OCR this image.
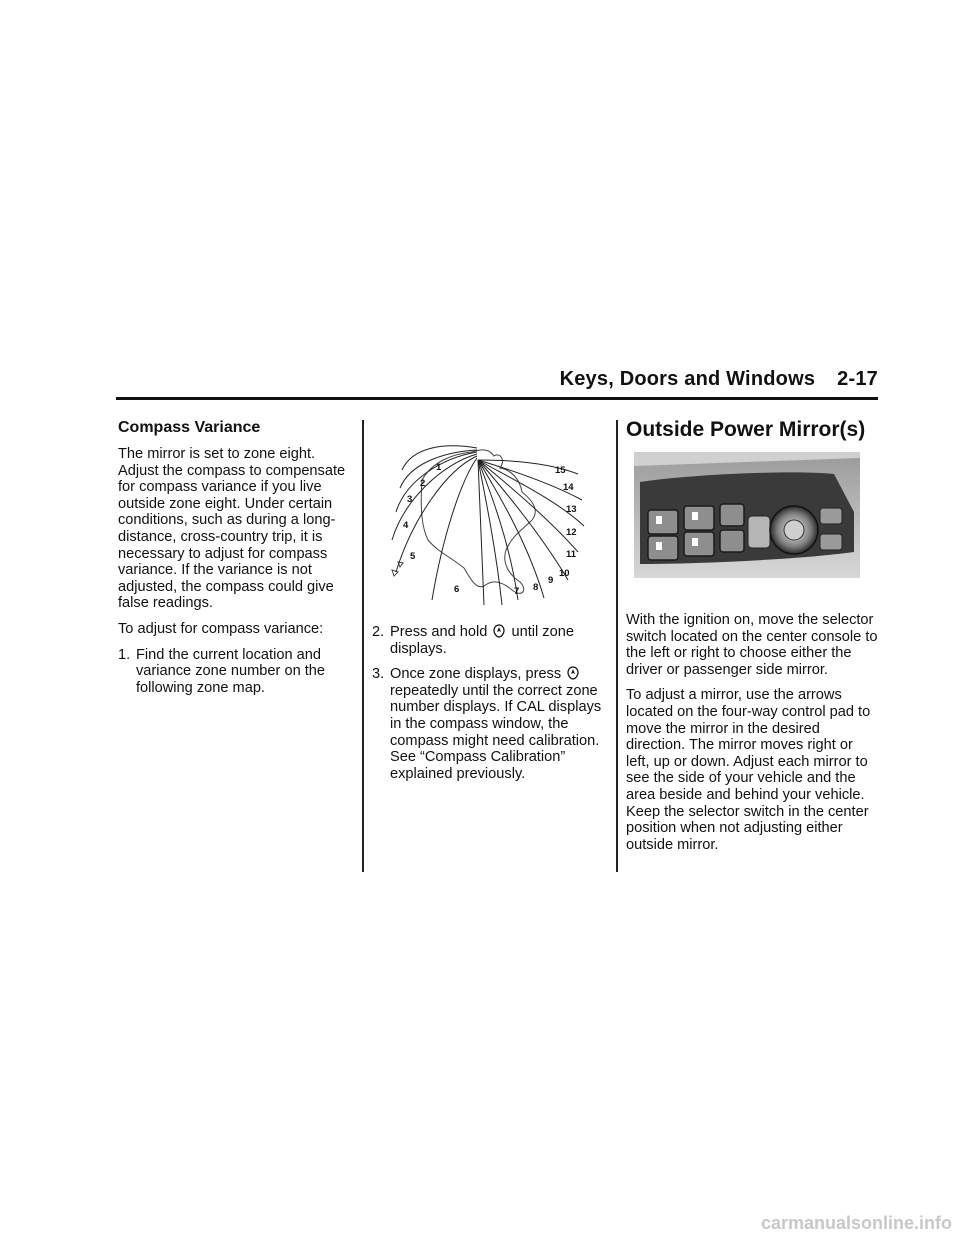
Keys, Doors and Windows 2-17
Compass Variance

The mirror is set to zone eight. Adjust the compass to compensate for compass variance if you live outside zone eight. Under certain conditions, such as during a long-distance, cross-country trip, it is necessary to adjust for compass variance. If the variance is not adjusted, the compass could give false readings.

To adjust for compass variance:

1. Find the current location and variance zone number on the following zone map.
1
2
3
4
5
6	7 8
9
10
11
12
13
14
15
2. Press and hold until zone displays.
3. Once zone displays, press  repeatedly until the correct zone number displays. If CAL displays in the compass window, the compass might need calibration. See “Compass Calibration” explained previously.
Outside Power Mirror(s)

With the ignition on, move the selector switch located on the center console to the left or right to choose either the driver or passenger side mirror.

To adjust a mirror, use the arrows located on the four-way control pad to move the mirror in the desired direction. The mirror moves right or left, up or down. Adjust each mirror to see the side of your vehicle and the area beside and behind your vehicle. Keep the selector switch in the center position when not adjusting either outside mirror.

carmanualsonline.info
